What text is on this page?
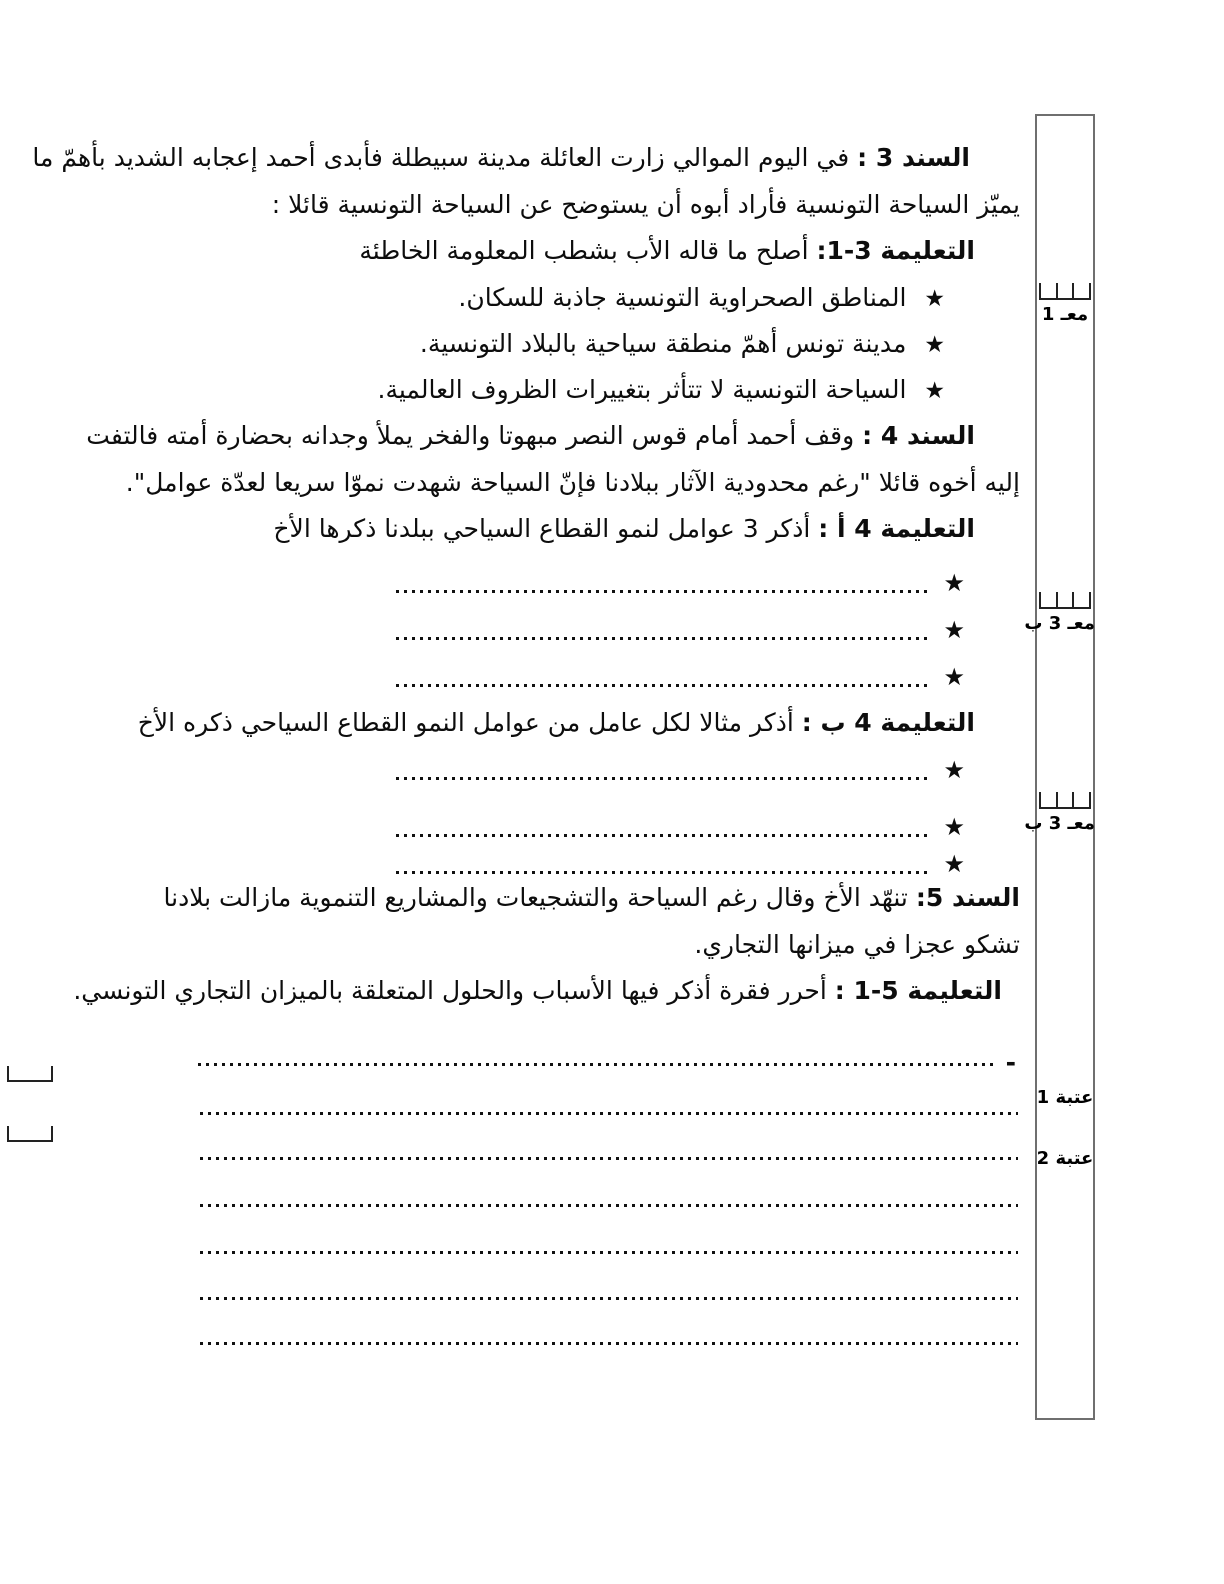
السند 3 : في اليوم الموالي زارت العائلة مدينة سبيطلة فأبدى أحمد إعجابه الشديد بأهمّ ما
يميّز السياحة التونسية فأراد أبوه أن يستوضح عن السياحة التونسية قائلا :
التعليمة 3-1: أصلح ما قاله الأب بشطب المعلومة الخاطئة
★ المناطق الصحراوية التونسية جاذبة للسكان.
★ مدينة تونس أهمّ منطقة سياحية بالبلاد التونسية.
★ السياحة التونسية لا تتأثر بتغييرات الظروف العالمية.
السند 4 : وقف أحمد أمام قوس النصر مبهوتا والفخر يملأ وجدانه بحضارة أمته فالتفت
إليه أخوه قائلا "رغم محدودية الآثار ببلادنا فإنّ السياحة شهدت نموّا سريعا لعدّة عوامل".
التعليمة 4 أ : أذكر 3 عوامل لنمو القطاع السياحي ببلدنا ذكرها الأخ
★
★
★
التعليمة 4 ب : أذكر مثالا لكل عامل من عوامل النمو القطاع السياحي ذكره الأخ
★
★
★
السند 5: تنهّد الأخ وقال رغم السياحة والتشجيعات والمشاريع التنموية مازالت بلادنا
تشكو عجزا في ميزانها التجاري.
التعليمة 5-1 : أحرر فقرة أذكر فيها الأسباب والحلول المتعلقة بالميزان التجاري التونسي.
-
معـ 1
معـ 3 ب
معـ 3 ب
عتبة 1
عتبة 2
